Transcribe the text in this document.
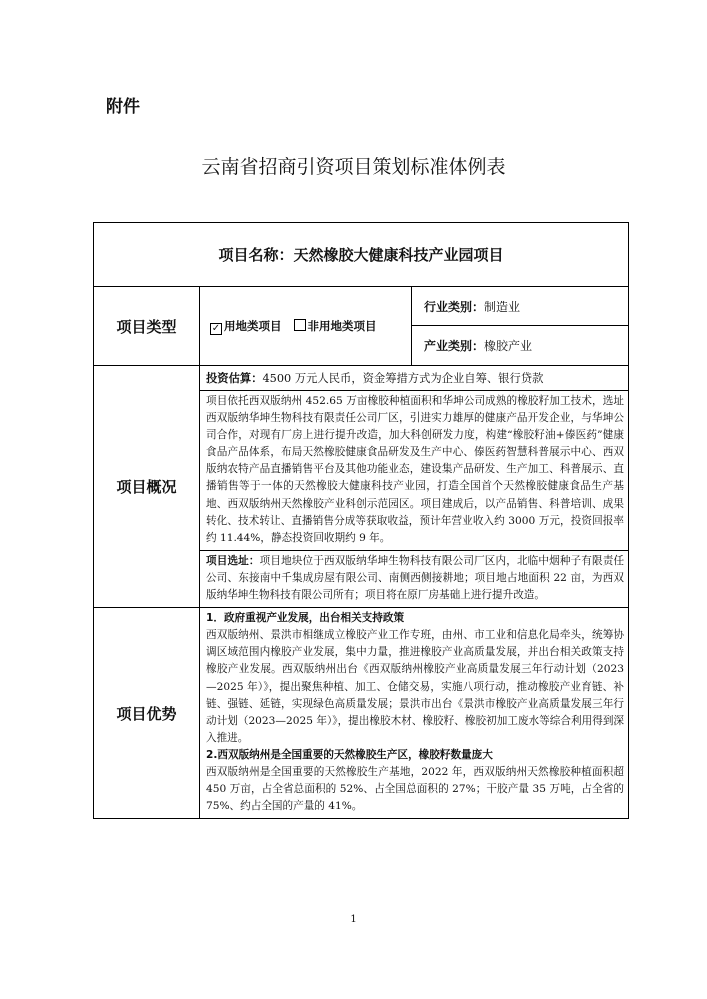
附件
云南省招商引资项目策划标准体例表
项目名称：天然橡胶大健康科技产业园项目		
项目类型	✓ 用地类项目 非用地类项目	行业类别：制造业
		产业类别：橡胶产业
项目概况	投资估算：4500 万元人民币，资金筹措方式为企业自筹、银行贷款	
	项目依托西双版纳州 452.65 万亩橡胶种植面积和华坤公司成熟的橡胶籽加工技术，选址西双版纳华坤生物科技有限责任公司厂区，引进实力雄厚的健康产品开发企业，与华坤公司合作，对现有厂房上进行提升改造，加大科创研发力度，构建“橡胶籽油+傣医药”健康食品产品体系，布局天然橡胶健康食品研发及生产中心、傣医药智慧科普展示中心、西双版纳农特产品直播销售平台及其他功能业态，建设集产品研发、生产加工、科普展示、直播销售等于一体的天然橡胶大健康科技产业园，打造全国首个天然橡胶健康食品生产基地、西双版纳州天然橡胶产业科创示范园区。项目建成后，以产品销售、科普培训、成果转化、技术转让、直播销售分成等获取收益，预计年营业收入约 3000 万元，投资回报率约 11.44%，静态投资回收期约 9 年。	
	项目选址：项目地块位于西双版纳华坤生物科技有限公司厂区内，北临中烟种子有限责任公司、东接南中千集成房屋有限公司、南侧西侧接耕地；项目地占地面积 22 亩，为西双版纳华坤生物科技有限公司所有；项目将在原厂房基础上进行提升改造。	
项目优势	1．政府重视产业发展，出台相关支持政策
西双版纳州、景洪市相继成立橡胶产业工作专班，由州、市工业和信息化局牵头，统筹协调区域范围内橡胶产业发展，集中力量，推进橡胶产业高质量发展，并出台相关政策支持橡胶产业发展。西双版纳州出台《西双版纳州橡胶产业高质量发展三年行动计划（2023—2025 年）》，提出聚焦种植、加工、仓储交易，实施八项行动，推动橡胶产业育链、补链、强链、延链，实现绿色高质量发展；景洪市出台《景洪市橡胶产业高质量发展三年行动计划（2023—2025 年）》，提出橡胶木材、橡胶籽、橡胶初加工废水等综合利用得到深入推进。
2.西双版纳州是全国重要的天然橡胶生产区，橡胶籽数量庞大
西双版纳州是全国重要的天然橡胶生产基地，2022 年，西双版纳州天然橡胶种植面积超 450 万亩，占全省总面积的 52%、占全国总面积的 27%；干胶产量 35 万吨，占全省的 75%、约占全国的产量的 41%。	
1
